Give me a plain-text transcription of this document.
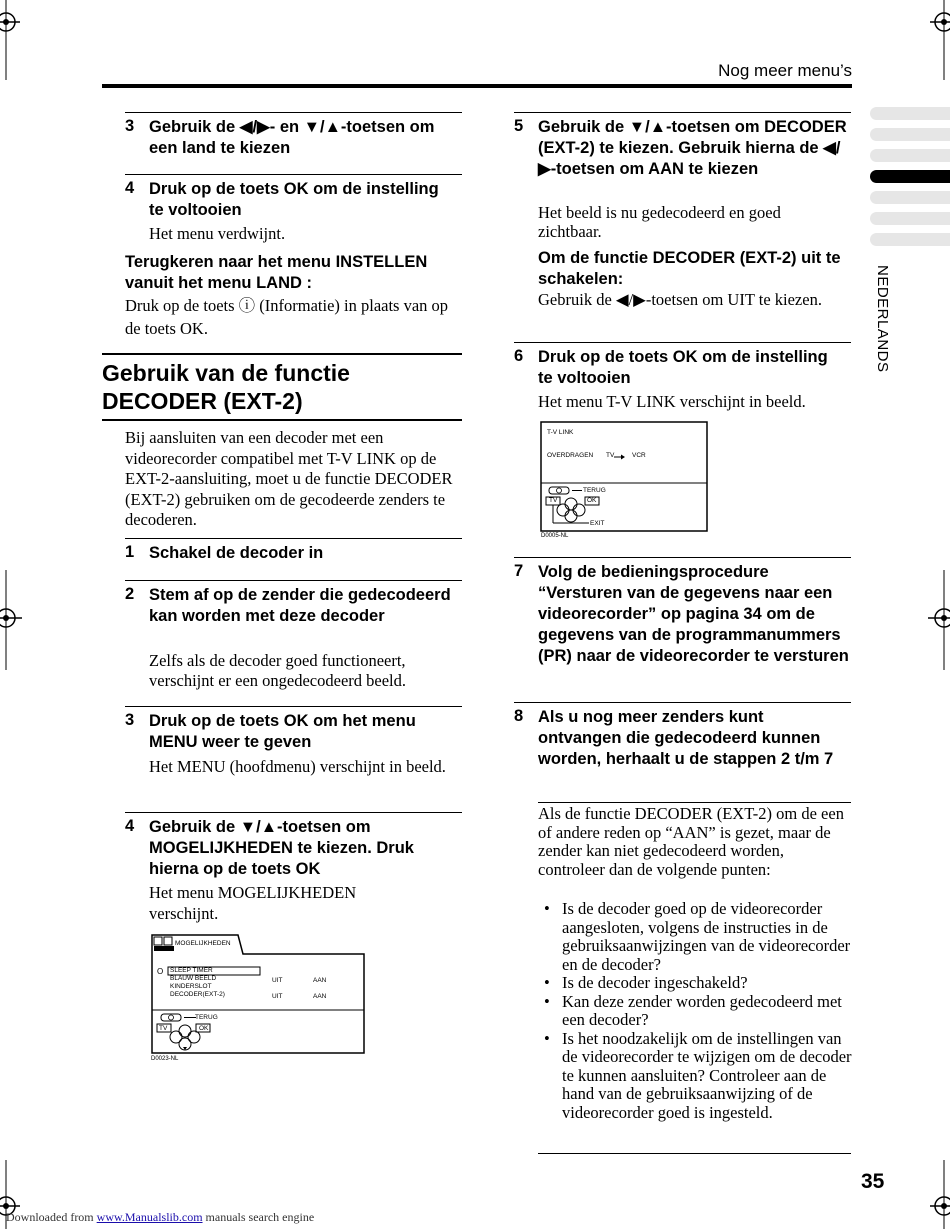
Nog meer menu’s
NEDERLANDS
3 Gebruik de ◀/▶- en ▼/▲-toetsen om een land te kiezen
4 Druk op de toets OK om de instelling te voltooien
Het menu verdwijnt.
Terugkeren naar het menu INSTELLEN vanuit het menu LAND :
Druk op de toets ⓘ (Informatie) in plaats van op de toets OK.
Gebruik van de functie DECODER (EXT-2)
Bij aansluiten van een decoder met een videorecorder compatibel met T-V LINK op de EXT-2-aansluiting, moet u de functie DECODER (EXT-2) gebruiken om de gecodeerde zenders te decoderen.
1 Schakel de decoder in
2 Stem af op de zender die gedecodeerd kan worden met deze decoder
Zelfs als de decoder goed functioneert, verschijnt er een ongedecodeerd beeld.
3 Druk op de toets OK om het menu MENU weer te geven
Het MENU (hoofdmenu) verschijnt in beeld.
4 Gebruik de ▼/▲-toetsen om MOGELIJKHEDEN te kiezen. Druk hierna op de toets OK
Het menu MOGELIJKHEDEN verschijnt.
MOGELIJKHEDEN
O SLEEP TIMER
BLAUW BEELD	UIT	AAN
KINDERSLOT
DECODER(EXT-2)	UIT	AAN
TERUG
TV	OK
D0023-NL
5 Gebruik de ▼/▲-toetsen om DECODER (EXT-2) te kiezen. Gebruik hierna de ◀/▶-toetsen om AAN te kiezen
Het beeld is nu gedecodeerd en goed zichtbaar.
Om de functie DECODER (EXT-2) uit te schakelen:
Gebruik de ◀/▶-toetsen om UIT te kiezen.
6 Druk op de toets OK om de instelling te voltooien
Het menu T-V LINK verschijnt in beeld.
T-V LINK
OVERDRAGEN TV	VCR
TERUG
TV	OK
EXIT
D0005-NL
7 Volg de bedieningsprocedure “Versturen van de gegevens naar een videorecorder” op pagina 34 om de gegevens van de programmanummers (PR) naar de videorecorder te versturen
8 Als u nog meer zenders kunt ontvangen die gedecodeerd kunnen worden, herhaalt u de stappen 2 t/m 7
Als de functie DECODER (EXT-2) om de een of andere reden op “AAN” is gezet, maar de zender kan niet gedecodeerd worden, controleer dan de volgende punten:
• Is de decoder goed op de videorecorder aangesloten, volgens de instructies in de gebruiksaanwijzingen van de videorecorder en de decoder?
• Is de decoder ingeschakeld?
• Kan deze zender worden gedecodeerd met een decoder?
• Is het noodzakelijk om de instellingen van de videorecorder te wijzigen om de decoder te kunnen aansluiten? Controleer aan de hand van de gebruiksaanwijzing of de videorecorder goed is ingesteld.
35
Downloaded from www.Manualslib.com manuals search engine
